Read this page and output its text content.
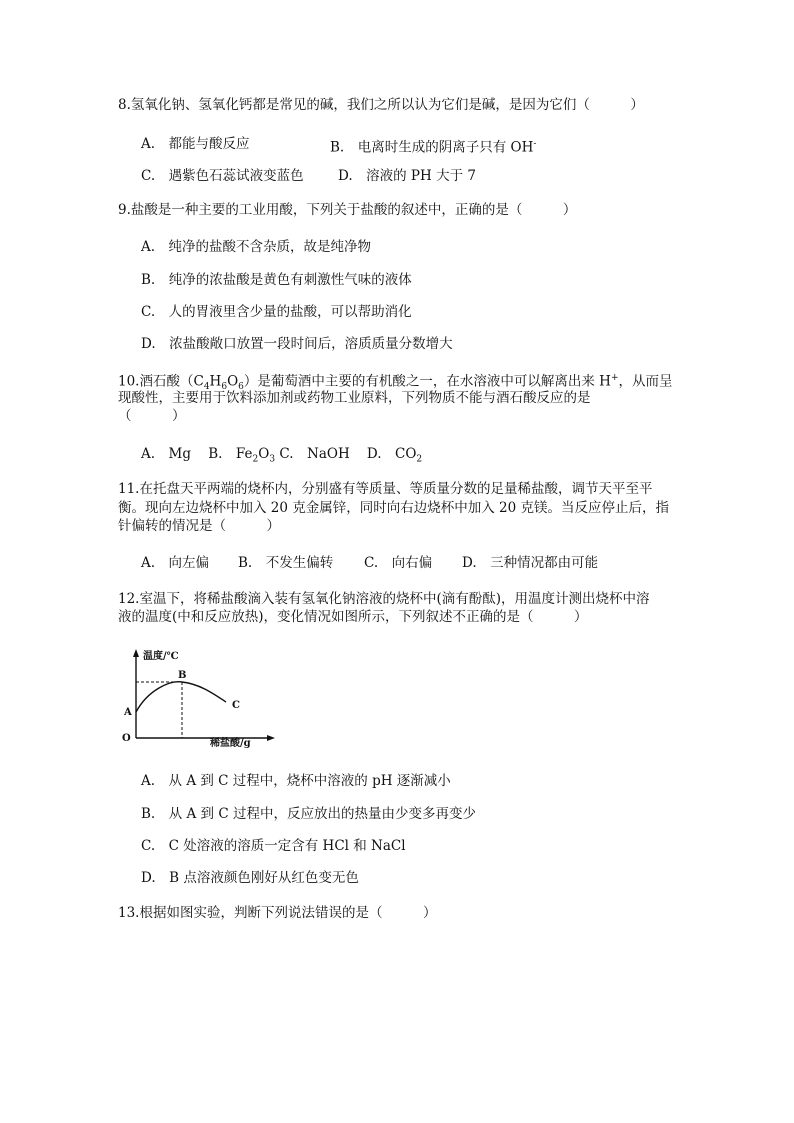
8.氢氧化钠、氢氧化钙都是常见的碱，我们之所以认为它们是碱，是因为它们（　　　）
A.　都能与酸反应	B.　电离时生成的阴离子只有 OH-
C.　遇紫色石蕊试液变蓝色	D.　溶液的 PH 大于 7
9.盐酸是一种主要的工业用酸，下列关于盐酸的叙述中，正确的是（　　　）
A.　纯净的盐酸不含杂质，故是纯净物
B.　纯净的浓盐酸是黄色有刺激性气味的液体
C.　人的胃液里含少量的盐酸，可以帮助消化
D.　浓盐酸敞口放置一段时间后，溶质质量分数增大
10.酒石酸$(C_4H_6O_6)$是葡萄酒中主要的有机酸之一，在水溶液中可以解离出来 H+，从而呈
现酸性，主要用于饮料添加剂或药物工业原料，下列物质不能与酒石酸反应的是
（　　　）
A.　Mg B.　$Fe_2O_3$ C.　NaOH D.　$CO_2$
11.在托盘天平两端的烧杯内，分别盛有等质量、等质量分数的足量稀盐酸，调节天平至平
衡。现向左边烧杯中加入 20 克金属锌，同时向右边烧杯中加入 20 克镁。当反应停止后，指
针偏转的情况是（　　　）
A.　向左偏 B.　不发生偏转 C.　向右偏 D.　三种情况都由可能
12.室温下，将稀盐酸滴入装有氢氧化钠溶液的烧杯中(滴有酚酞)，用温度计测出烧杯中溶
液的温度(中和反应放热)，变化情况如图所示，下列叙述不正确的是（　　　）
温度/℃
稀盐酸/g
O
A
B
C
A.　从 A 到 C 过程中，烧杯中溶液的 pH 逐渐减小
B.　从 A 到 C 过程中，反应放出的热量由少变多再变少
C.　C 处溶液的溶质一定含有 HCl 和 NaCl
D.　B 点溶液颜色刚好从红色变无色
13.根据如图实验，判断下列说法错误的是（　　　）
